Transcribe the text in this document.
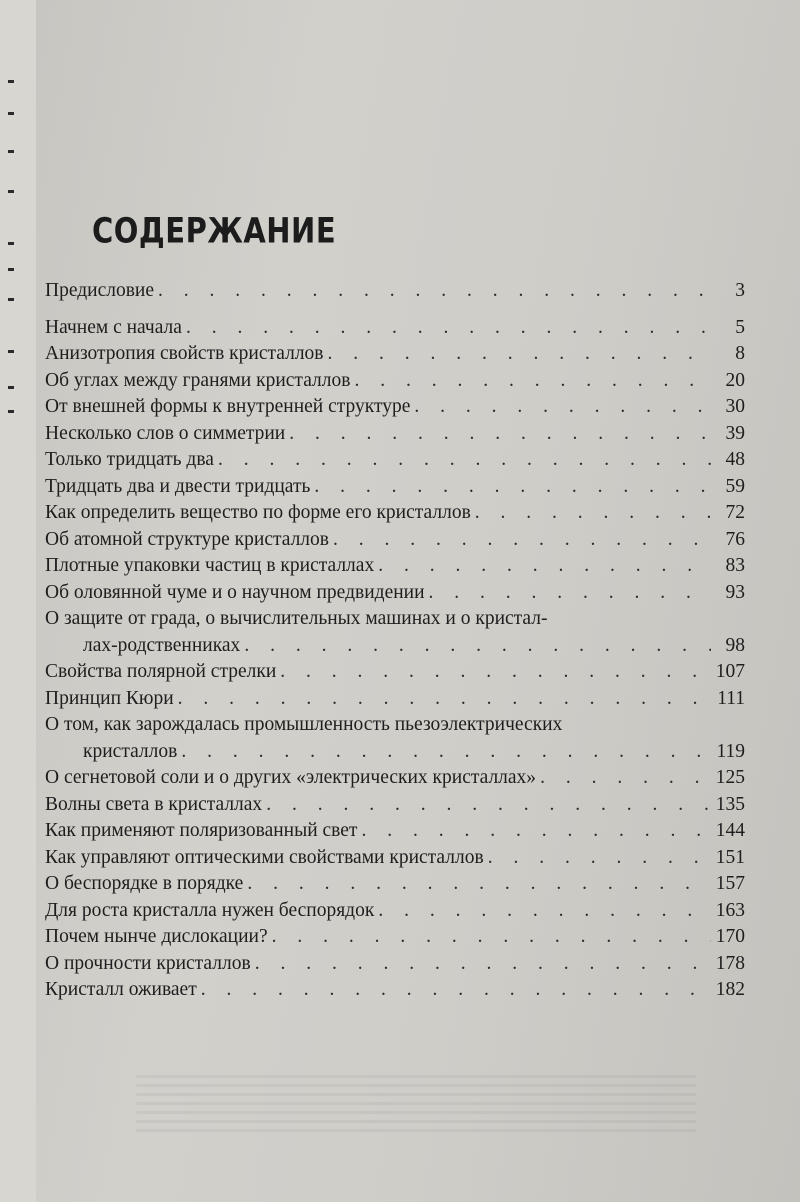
СОДЕРЖАНИЕ
Предисловие . . .	3
Начнем с начала . . .	5
Анизотропия свойств кристаллов . . .	8
Об углах между гранями кристаллов . . .	20
От внешней формы к внутренней структуре . . .	30
Несколько слов о симметрии . . .	39
Только тридцать два . . .	48
Тридцать два и двести тридцать . . .	59
Как определить вещество по форме его кристаллов . . .	72
Об атомной структуре кристаллов . . .	76
Плотные упаковки частиц в кристаллах . . .	83
Об оловянной чуме и о научном предвидении . . .	93
О защите от града, о вычислительных машинах и о кристал-
лах-родственниках . . .	98
Свойства полярной стрелки . . .	107
Принцип Кюри . . .	111
О том, как зарождалась промышленность пьезоэлектрических
кристаллов . . .	119
О сегнетовой соли и о других «электрических кристаллах» . . .	125
Волны света в кристаллах . . .	135
Как применяют поляризованный свет . . .	144
Как управляют оптическими свойствами кристаллов . . .	151
О беспорядке в порядке . . .	157
Для роста кристалла нужен беспорядок . . .	163
Почем нынче дислокации? . . .	170
О прочности кристаллов . . .	178
Кристалл оживает . . .	182
